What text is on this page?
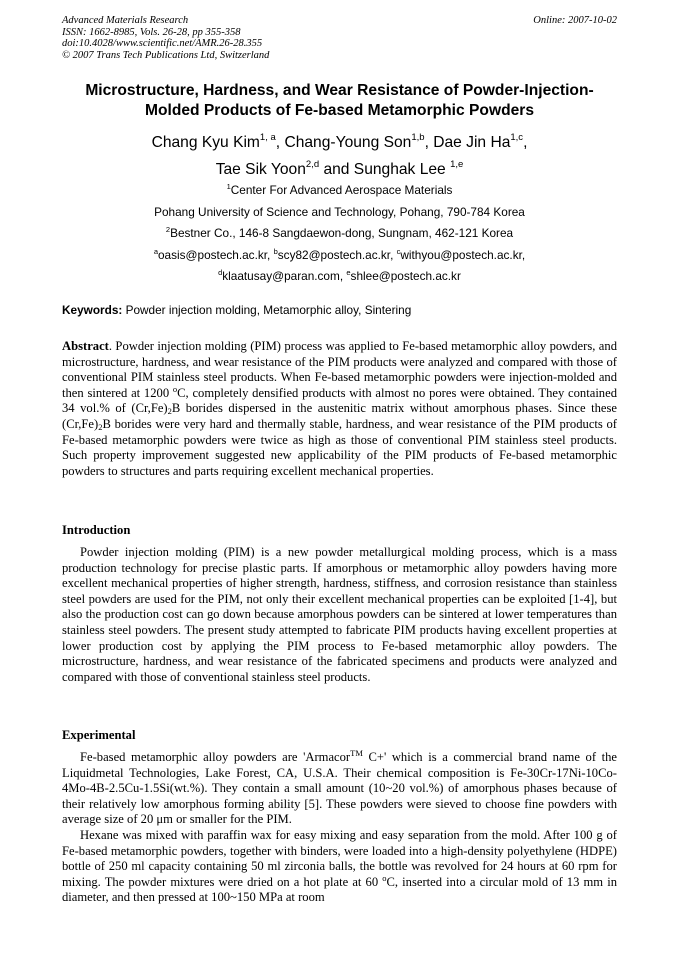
Advanced Materials Research
ISSN: 1662-8985, Vols. 26-28, pp 355-358
doi:10.4028/www.scientific.net/AMR.26-28.355
© 2007 Trans Tech Publications Ltd, Switzerland
Online: 2007-10-02
Microstructure, Hardness, and Wear Resistance of Powder-Injection-
Molded Products of Fe-based Metamorphic Powders
Chang Kyu Kim$^{1, a}$, Chang-Young Son$^{1,b}$, Dae Jin Ha$^{1,c}$,
Tae Sik Yoon$^{2,d}$ and Sunghak Lee $^{1,e}$
$^1$Center For Advanced Aerospace Materials
Pohang University of Science and Technology, Pohang, 790-784 Korea
$^2$Bestner Co., 146-8 Sangdaewon-dong, Sungnam, 462-121 Korea
$^a$oasis@postech.ac.kr, $^b$scy82@postech.ac.kr, $^c$withyou@postech.ac.kr,
$^d$klaatusay@paran.com, $^e$shlee@postech.ac.kr
Keywords: Powder injection molding, Metamorphic alloy, Sintering

Abstract. Powder injection molding (PIM) process was applied to Fe-based metamorphic alloy powders, and microstructure, hardness, and wear resistance of the PIM products were analyzed and compared with those of conventional PIM stainless steel products. When Fe-based metamorphic powders were injection-molded and then sintered at 1200 $^o$C, completely densified products with almost no pores were obtained. They contained 34 vol.% of $(Cr,Fe)_2B$ borides dispersed in the austenitic matrix without amorphous phases. Since these $(Cr,Fe)_2B$ borides were very hard and thermally stable, hardness, and wear resistance of the PIM products of Fe-based metamorphic powders were twice as high as those of conventional PIM stainless steel products. Such property improvement suggested new applicability of the PIM products of Fe-based metamorphic powders to structures and parts requiring excellent mechanical properties.

Introduction

Powder injection molding (PIM) is a new powder metallurgical molding process, which is a mass production technology for precise plastic parts. If amorphous or metamorphic alloy powders having more excellent mechanical properties of higher strength, hardness, stiffness, and corrosion resistance than stainless steel powders are used for the PIM, not only their excellent mechanical properties can be exploited [1-4], but also the production cost can go down because amorphous powders can be sintered at lower temperatures than stainless steel powders. The present study attempted to fabricate PIM products having excellent properties at lower production cost by applying the PIM process to Fe-based metamorphic alloy powders. The microstructure, hardness, and wear resistance of the fabricated specimens and products were analyzed and compared with those of conventional stainless steel products.

Experimental

Fe-based metamorphic alloy powders are 'Armacor™ C+' which is a commercial brand name of the Liquidmetal Technologies, Lake Forest, CA, U.S.A. Their chemical composition is Fe-30Cr-17Ni-10Co-4Mo-4B-2.5Cu-1.5Si(wt.%). They contain a small amount (10~20 vol.%) of amorphous phases because of their relatively low amorphous forming ability [5]. These powders were sieved to choose fine powders with average size of 20 μm or smaller for the PIM.

Hexane was mixed with paraffin wax for easy mixing and easy separation from the mold. After 100 g of Fe-based metamorphic powders, together with binders, were loaded into a high-density polyethylene (HDPE) bottle of 250 ml capacity containing 50 ml zirconia balls, the bottle was revolved for 24 hours at 60 rpm for mixing. The powder mixtures were dried on a hot plate at 60 $^o$C, inserted into a circular mold of 13 mm in diameter, and then pressed at 100~150 MPa at room
